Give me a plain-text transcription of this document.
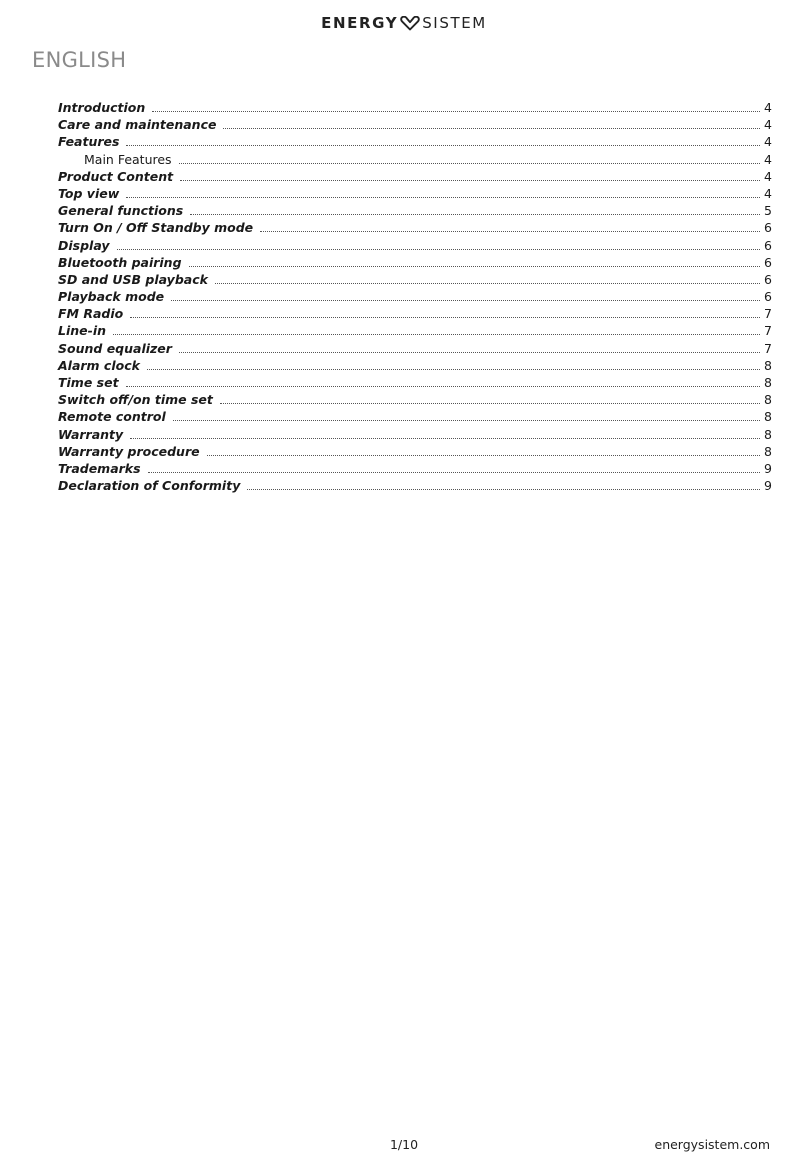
ENERGY SISTEM
ENGLISH
Introduction	4
Care and maintenance	4
Features	4
Main Features	4
Product Content	4
Top view	4
General functions	5
Turn On / Off Standby mode	6
Display	6
Bluetooth pairing	6
SD and USB playback	6
Playback mode	6
FM Radio	7
Line-in	7
Sound equalizer	7
Alarm clock	8
Time set	8
Switch off/on time set	8
Remote control	8
Warranty	8
Warranty procedure	8
Trademarks	9
Declaration of Conformity	9
1/10	energysistem.com
